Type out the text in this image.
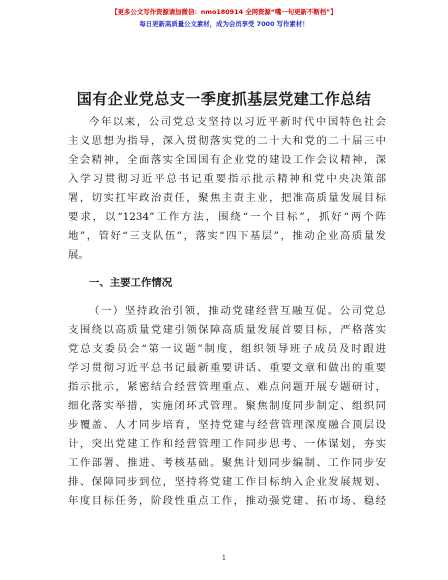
【更多公文写作资源请加微信：nmo180914 全网资源“嘴一句更新不断档”】
每日更新高质量公文素材，成为会员享受 7000 写作素材！
国有企业党总支一季度抓基层党建工作总结

今年以来，公司党总支坚持以习近平新时代中国特色社会
主义思想为指导，深入贯彻落实党的二十大和党的二十届三中
全会精神，全面落实全国国有企业党的建设工作会议精神，深
入学习贯彻习近平总书记重要指示批示精神和党中央决策部
署，切实扛牢政治责任，聚焦主责主业，把准高质量发展目标
要求，以“1234”工作方法，围绕“一个目标”，抓好“两个阵
地”，管好“三支队伍”，落实“四下基层”，推动企业高质量发
展。

一、主要工作情况

（一）坚持政治引领，推动党建经营互融互促。公司党总
支围绕以高质量党建引领保障高质量发展首要目标，严格落实
党总支委员会“第一议题”制度，组织领导班子成员及时跟进
学习贯彻习近平总书记最新重要讲话、重要文章和做出的重要
指示批示，紧密结合经营管理重点、难点问题开展专题研讨，
细化落实举措，实施闭环式管理。聚焦制度同步制定、组织同
步覆盖、人才同步培育，坚持党建与经营管理深度融合顶层设
计，突出党建工作和经营管理工作同步思考、一体谋划，夯实
工作部署、推进、考核基础。聚焦计划同步编制、工作同步安
排、保障同步到位，坚持将党建工作目标纳入企业发展规划、
年度目标任务，阶段性重点工作，推动强党建、拓市场、稳经

1
